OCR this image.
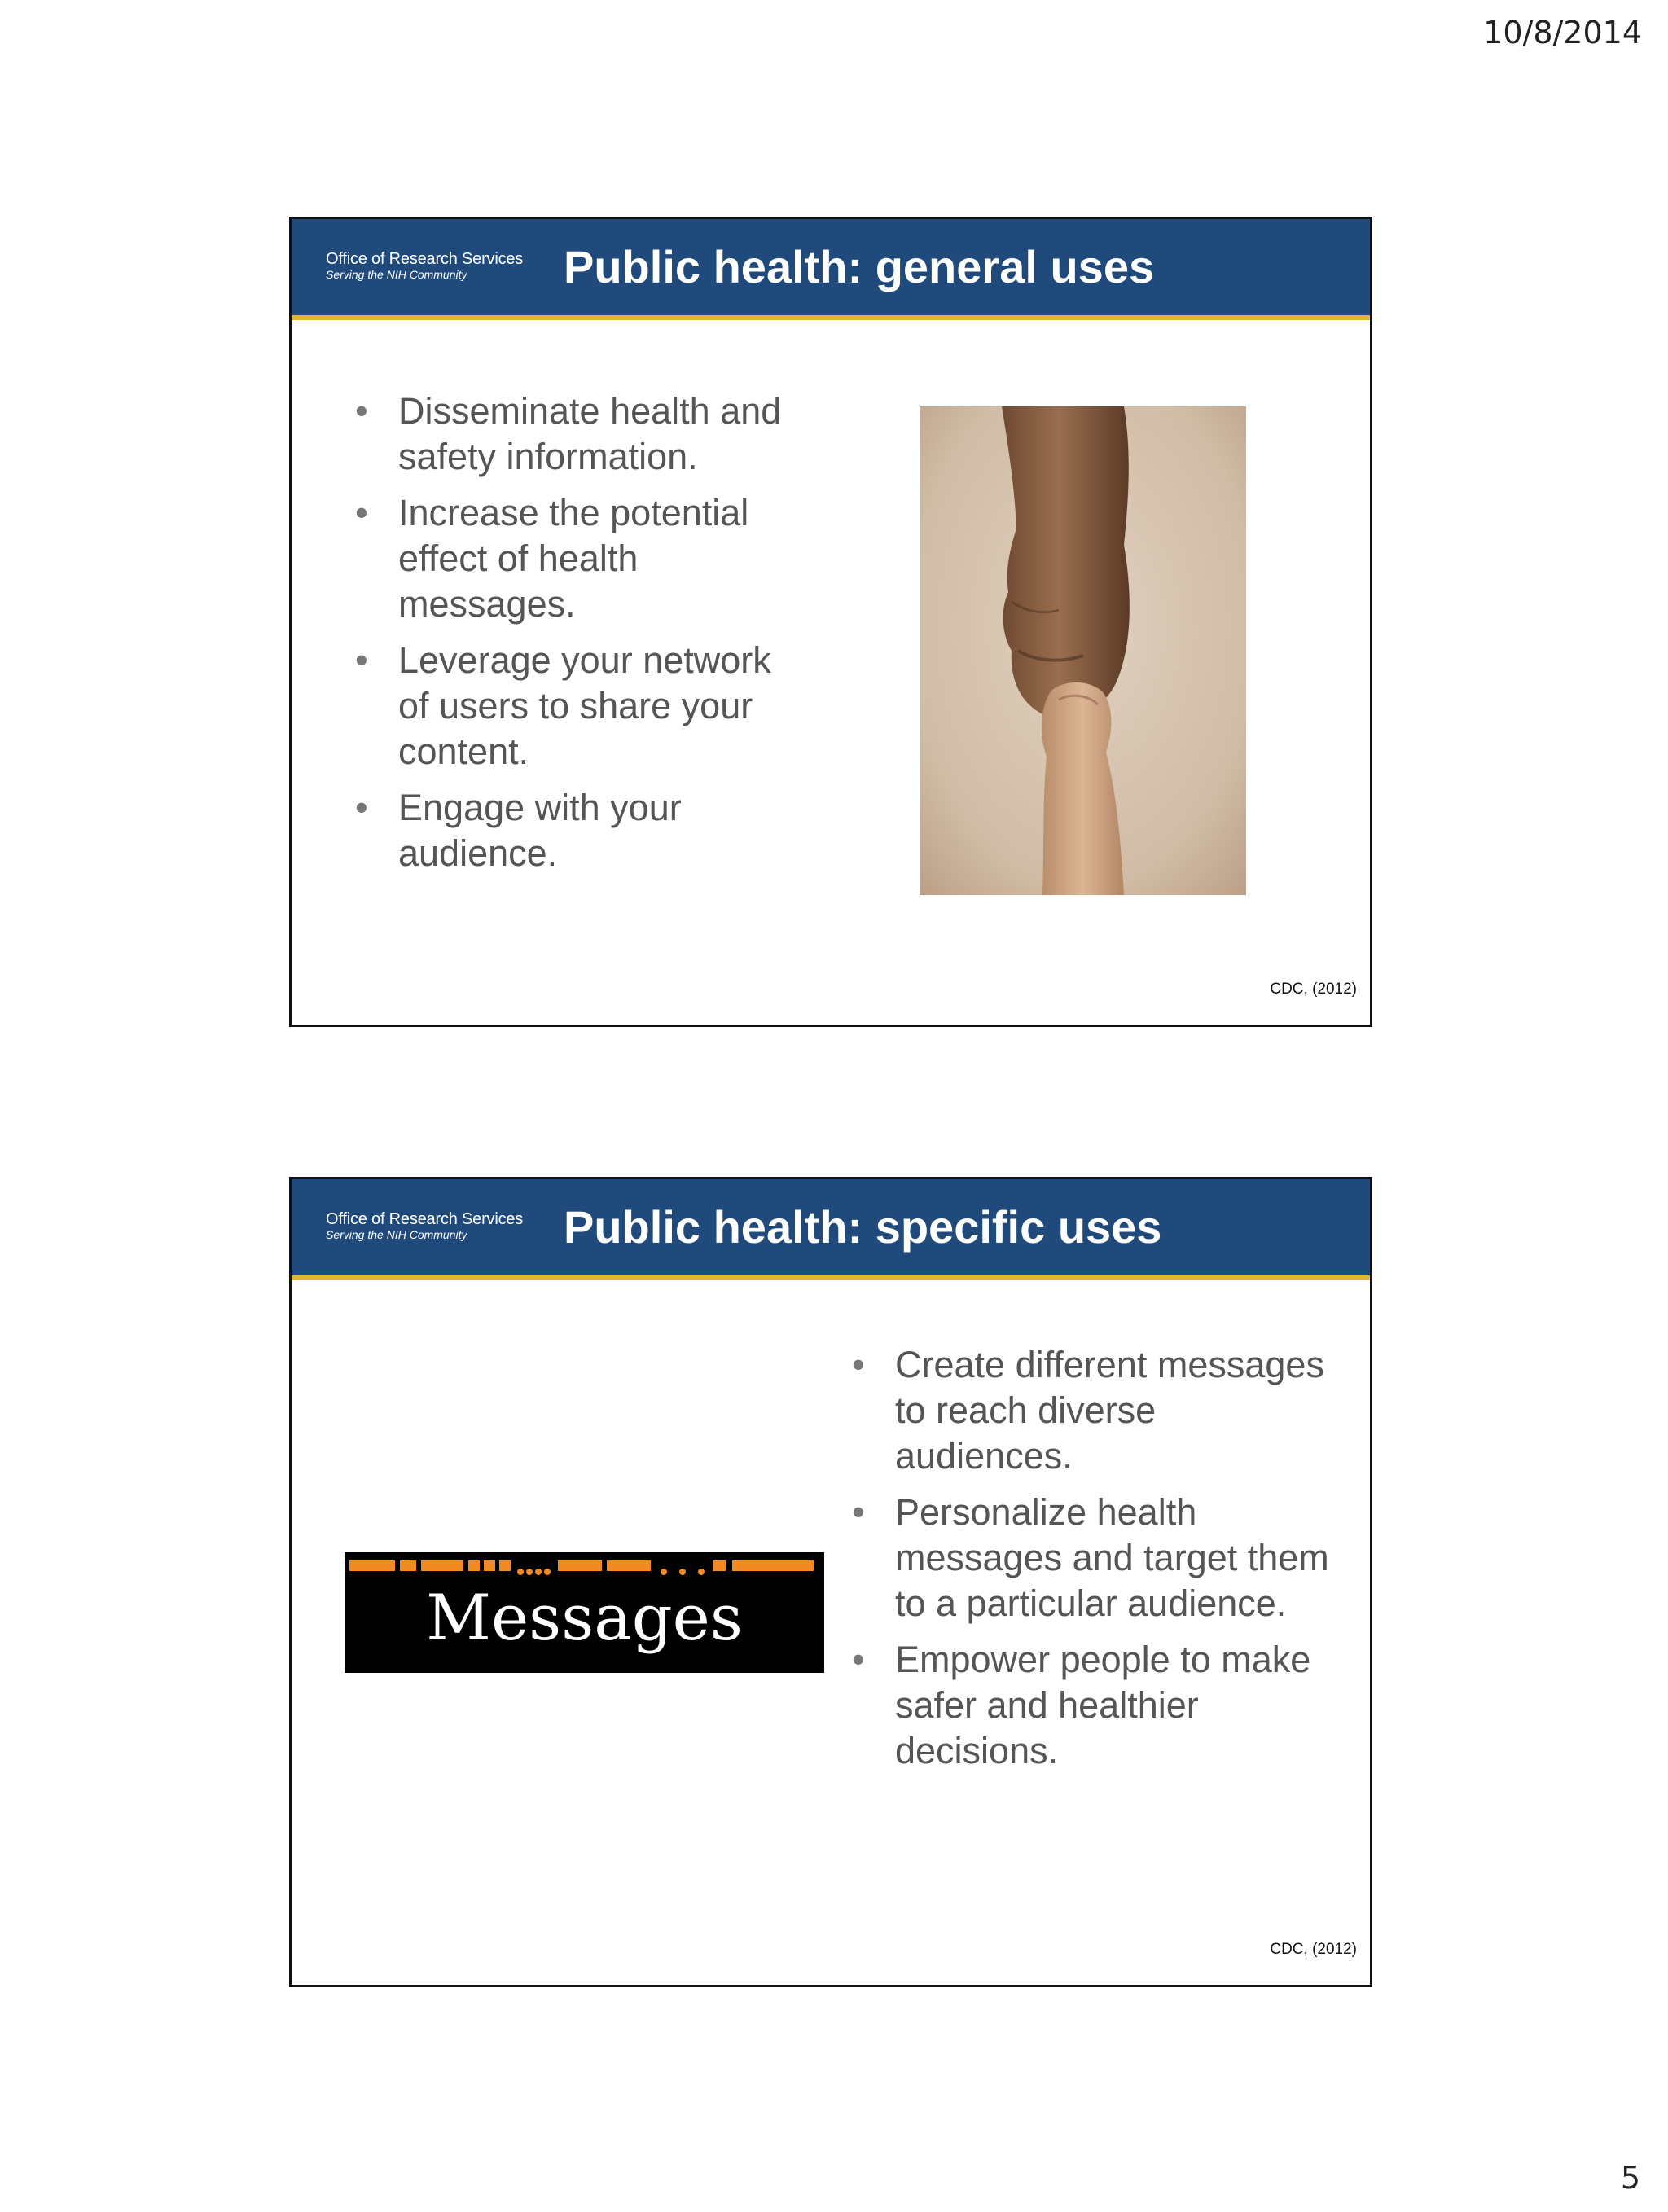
10/8/2014
Office of Research Services
Serving the NIH Community	Public health: general uses
• Disseminate health and safety information.
• Increase the potential effect of health messages.
• Leverage your network of users to share your content.
• Engage with your audience.
CDC, (2012)
Office of Research Services
Serving the NIH Community	Public health: specific uses
Messages
• Create different messages to reach diverse audiences.
• Personalize health messages and target them to a particular audience.
• Empower people to make safer and healthier decisions.
CDC, (2012)
5
